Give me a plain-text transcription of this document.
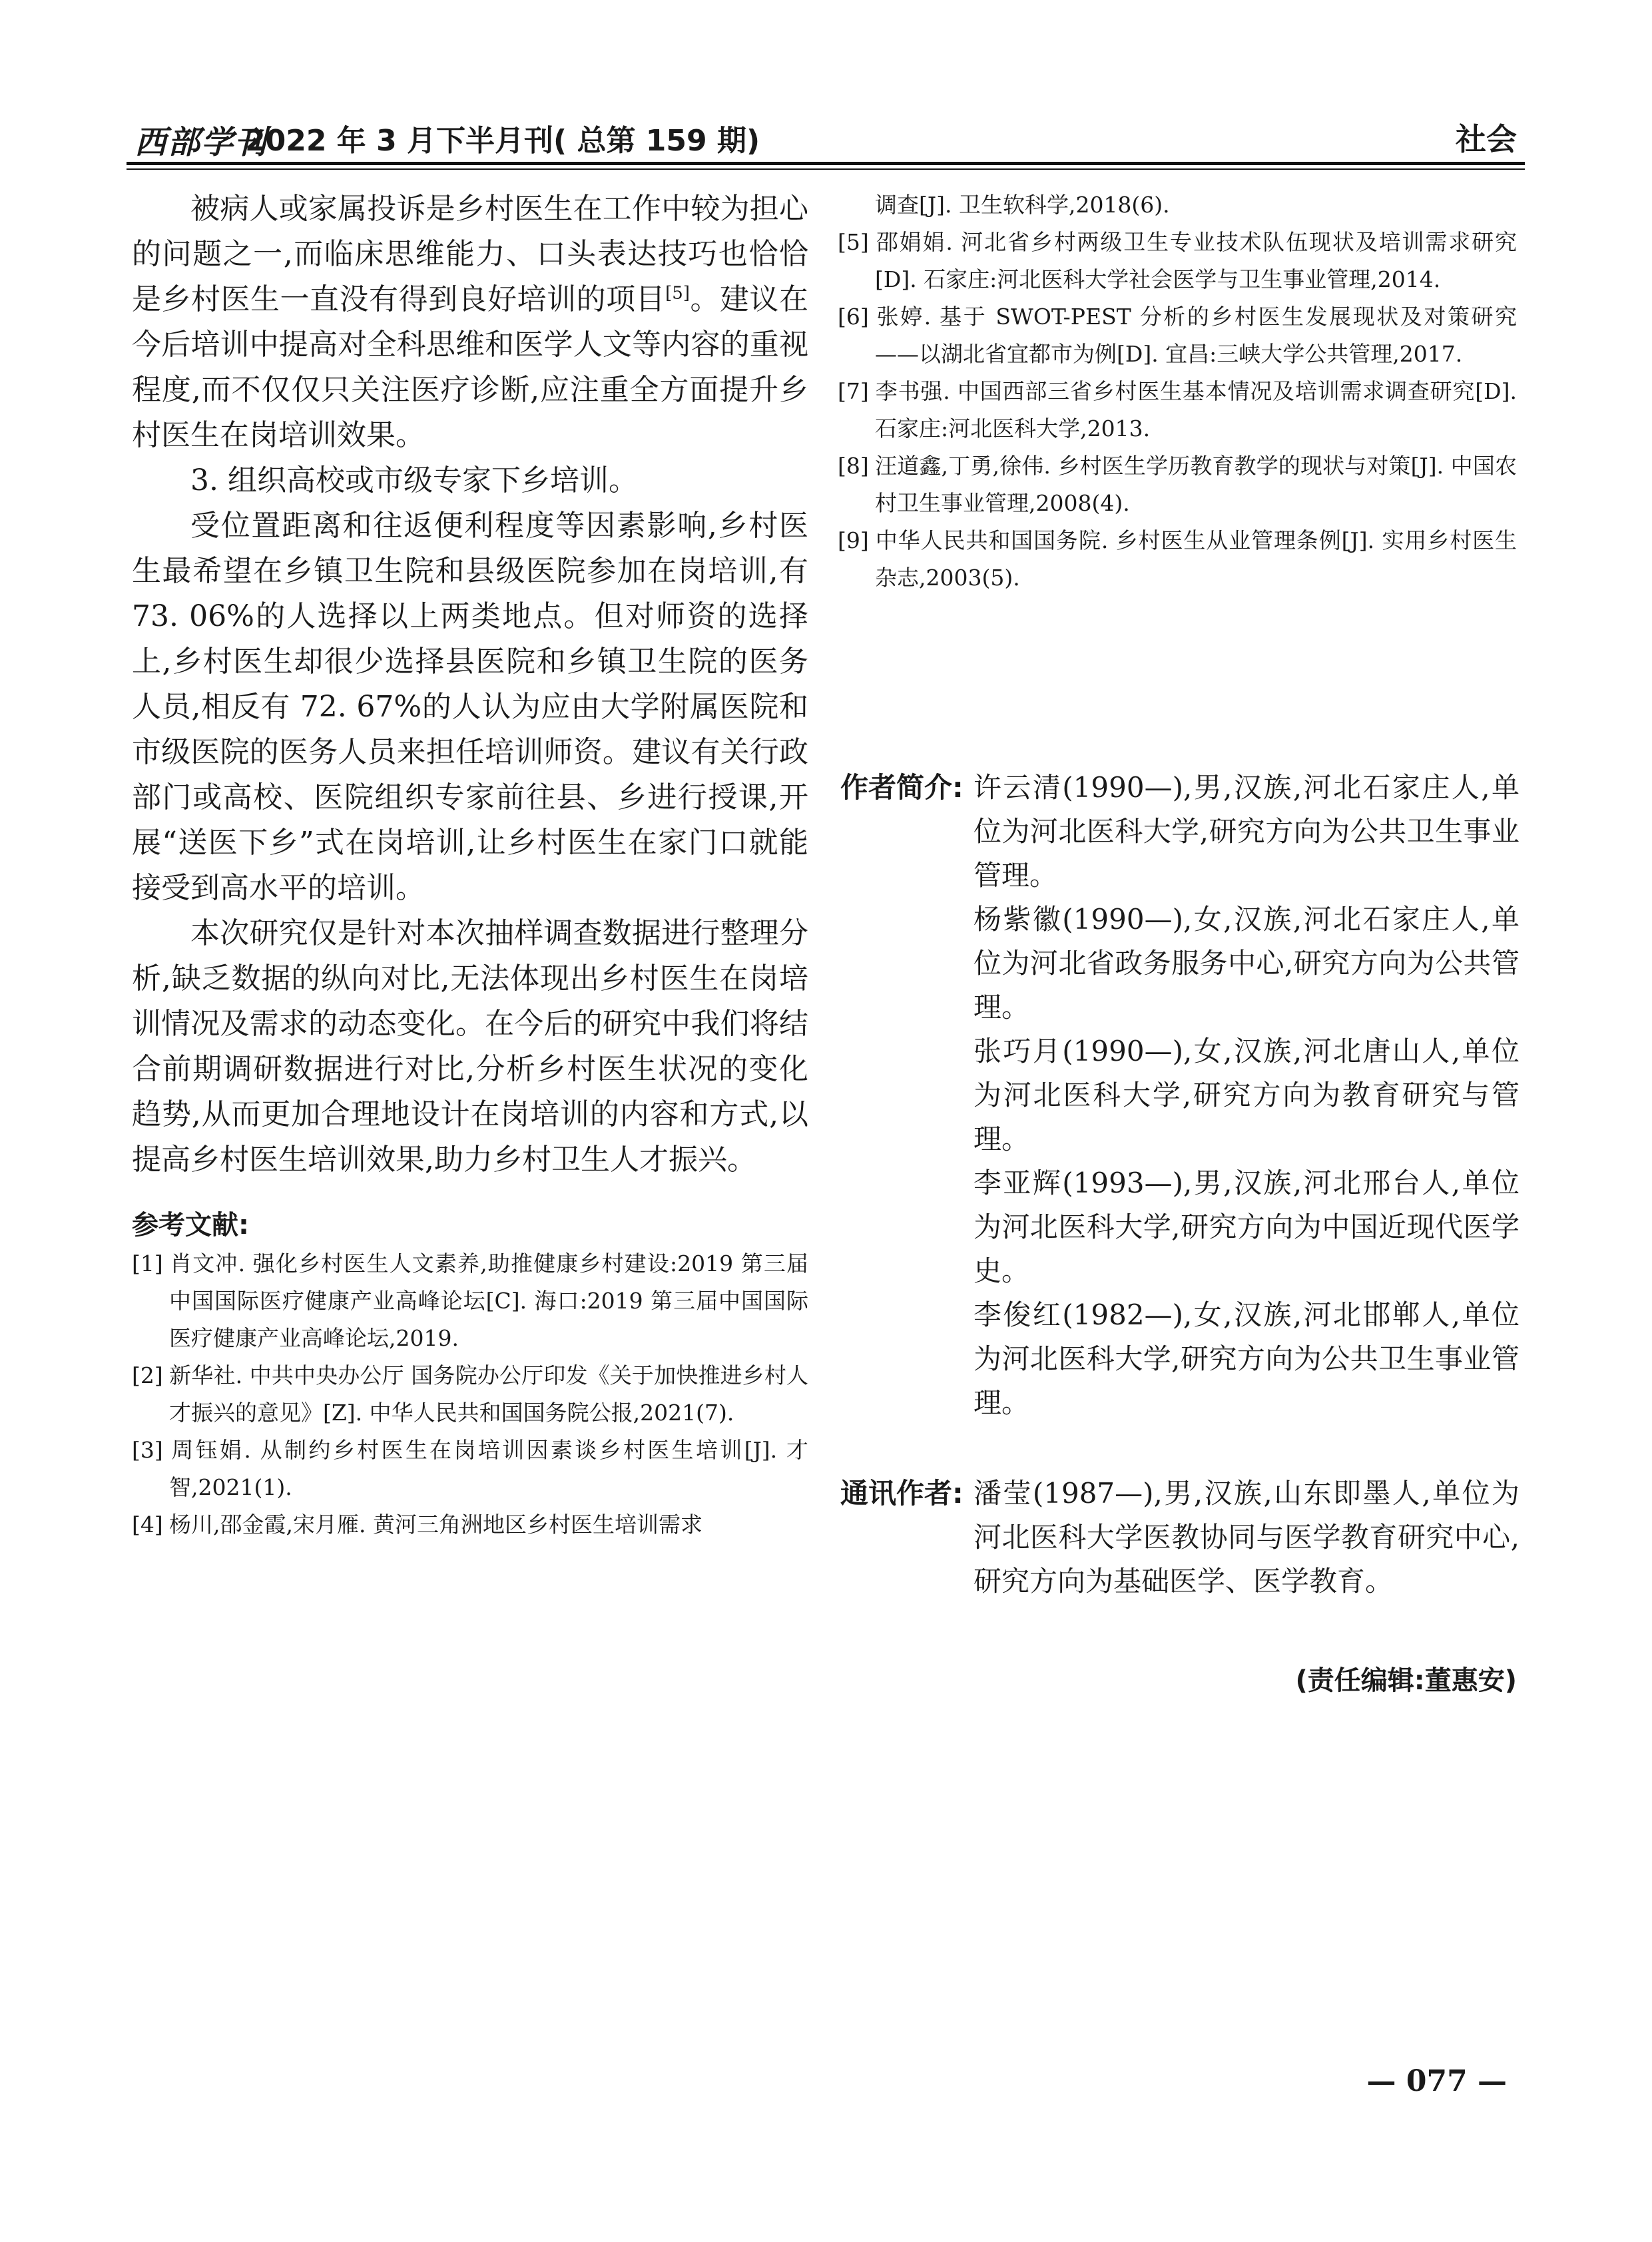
西部学刊
2022 年 3 月下半月刊( 总第 159 期)	社会

被病人或家属投诉是乡村医生在工作中较为担心的问题之一,而临床思维能力、口头表达技巧也恰恰是乡村医生一直没有得到良好培训的项目[5]。建议在今后培训中提高对全科思维和医学人文等内容的重视程度,而不仅仅只关注医疗诊断,应注重全方面提升乡村医生在岗培训效果。

3. 组织高校或市级专家下乡培训。

受位置距离和往返便利程度等因素影响,乡村医生最希望在乡镇卫生院和县级医院参加在岗培训,有 73. 06%的人选择以上两类地点。但对师资的选择上,乡村医生却很少选择县医院和乡镇卫生院的医务人员,相反有 72. 67%的人认为应由大学附属医院和市级医院的医务人员来担任培训师资。建议有关行政部门或高校、医院组织专家前往县、乡进行授课,开展“送医下乡”式在岗培训,让乡村医生在家门口就能接受到高水平的培训。

本次研究仅是针对本次抽样调查数据进行整理分析,缺乏数据的纵向对比,无法体现出乡村医生在岗培训情况及需求的动态变化。在今后的研究中我们将结合前期调研数据进行对比,分析乡村医生状况的变化趋势,从而更加合理地设计在岗培训的内容和方式,以提高乡村医生培训效果,助力乡村卫生人才振兴。

参考文献:
[1] 肖文冲. 强化乡村医生人文素养,助推健康乡村建设:2019 第三届中国国际医疗健康产业高峰论坛[C]. 海口:2019 第三届中国国际医疗健康产业高峰论坛,2019.
[2] 新华社. 中共中央办公厅 国务院办公厅印发《关于加快推进乡村人才振兴的意见》[Z]. 中华人民共和国国务院公报,2021(7).
[3] 周钰娟. 从制约乡村医生在岗培训因素谈乡村医生培训[J]. 才智,2021(1).
[4] 杨川,邵金霞,宋月雁. 黄河三角洲地区乡村医生培训需求
调查[J]. 卫生软科学,2018(6).
[5] 邵娟娟. 河北省乡村两级卫生专业技术队伍现状及培训需求研究[D]. 石家庄:河北医科大学社会医学与卫生事业管理,2014.
[6] 张婷. 基于 SWOT-PEST 分析的乡村医生发展现状及对策研究——以湖北省宜都市为例[D]. 宜昌:三峡大学公共管理,2017.
[7] 李书强. 中国西部三省乡村医生基本情况及培训需求调查研究[D]. 石家庄:河北医科大学,2013.
[8] 汪道鑫,丁勇,徐伟. 乡村医生学历教育教学的现状与对策[J]. 中国农村卫生事业管理,2008(4).
[9] 中华人民共和国国务院. 乡村医生从业管理条例[J]. 实用乡村医生杂志,2003(5).
作者简介: 许云清(1990—),男,汉族,河北石家庄人,单位为河北医科大学,研究方向为公共卫生事业管理。
杨紫徽(1990—),女,汉族,河北石家庄人,单位为河北省政务服务中心,研究方向为公共管理。
张巧月(1990—),女,汉族,河北唐山人,单位为河北医科大学,研究方向为教育研究与管理。
李亚辉(1993—),男,汉族,河北邢台人,单位为河北医科大学,研究方向为中国近现代医学史。
李俊红(1982—),女,汉族,河北邯郸人,单位为河北医科大学,研究方向为公共卫生事业管理。
通讯作者: 潘莹(1987—),男,汉族,山东即墨人,单位为河北医科大学医教协同与医学教育研究中心,研究方向为基础医学、医学教育。
(责任编辑:董惠安)
— 077 —
